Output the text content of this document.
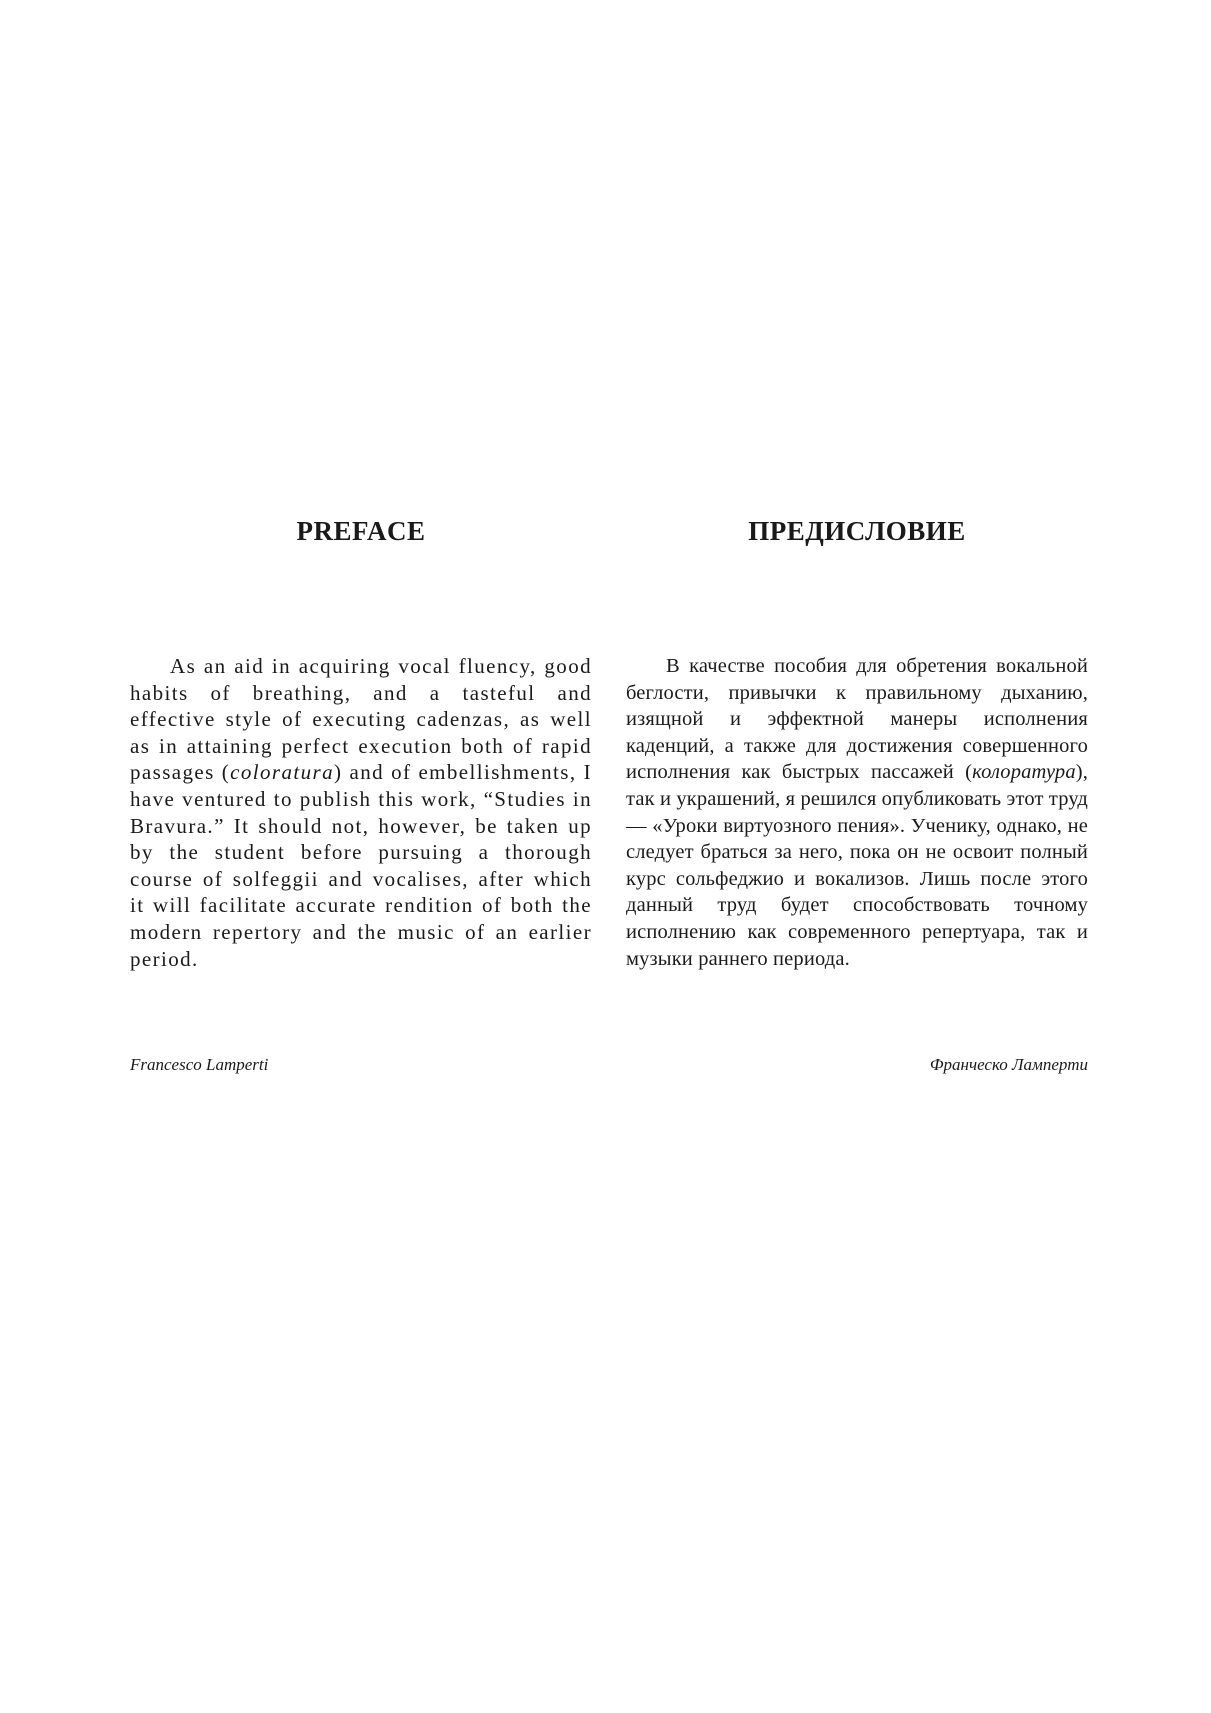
PREFACE

As an aid in acquiring vocal fluency, good habits of breathing, and a tasteful and effective style of executing cadenzas, as well as in attaining perfect execution both of rapid passages (coloratura) and of embellishments, I have ventured to publish this work, “Studies in Bravura.” It should not, however, be taken up by the student before pursuing a thorough course of solfeggii and vocalises, after which it will facilitate accurate rendition of both the modern repertory and the music of an earlier period.

Francesco Lamperti

ПРЕДИСЛОВИЕ

В качестве пособия для обретения вокальной беглости, привычки к правильному дыханию, изящной и эффектной манеры исполнения каденций, а также для достижения совершенного исполнения как быстрых пассажей (колоратура), так и украшений, я решился опубликовать этот труд — «Уроки виртуозного пения». Ученику, однако, не следует браться за него, пока он не освоит полный курс сольфеджио и вокализов. Лишь после этого данный труд будет способствовать точному исполнению как современного репертуара, так и музыки раннего периода.

Франческо Ламперти
